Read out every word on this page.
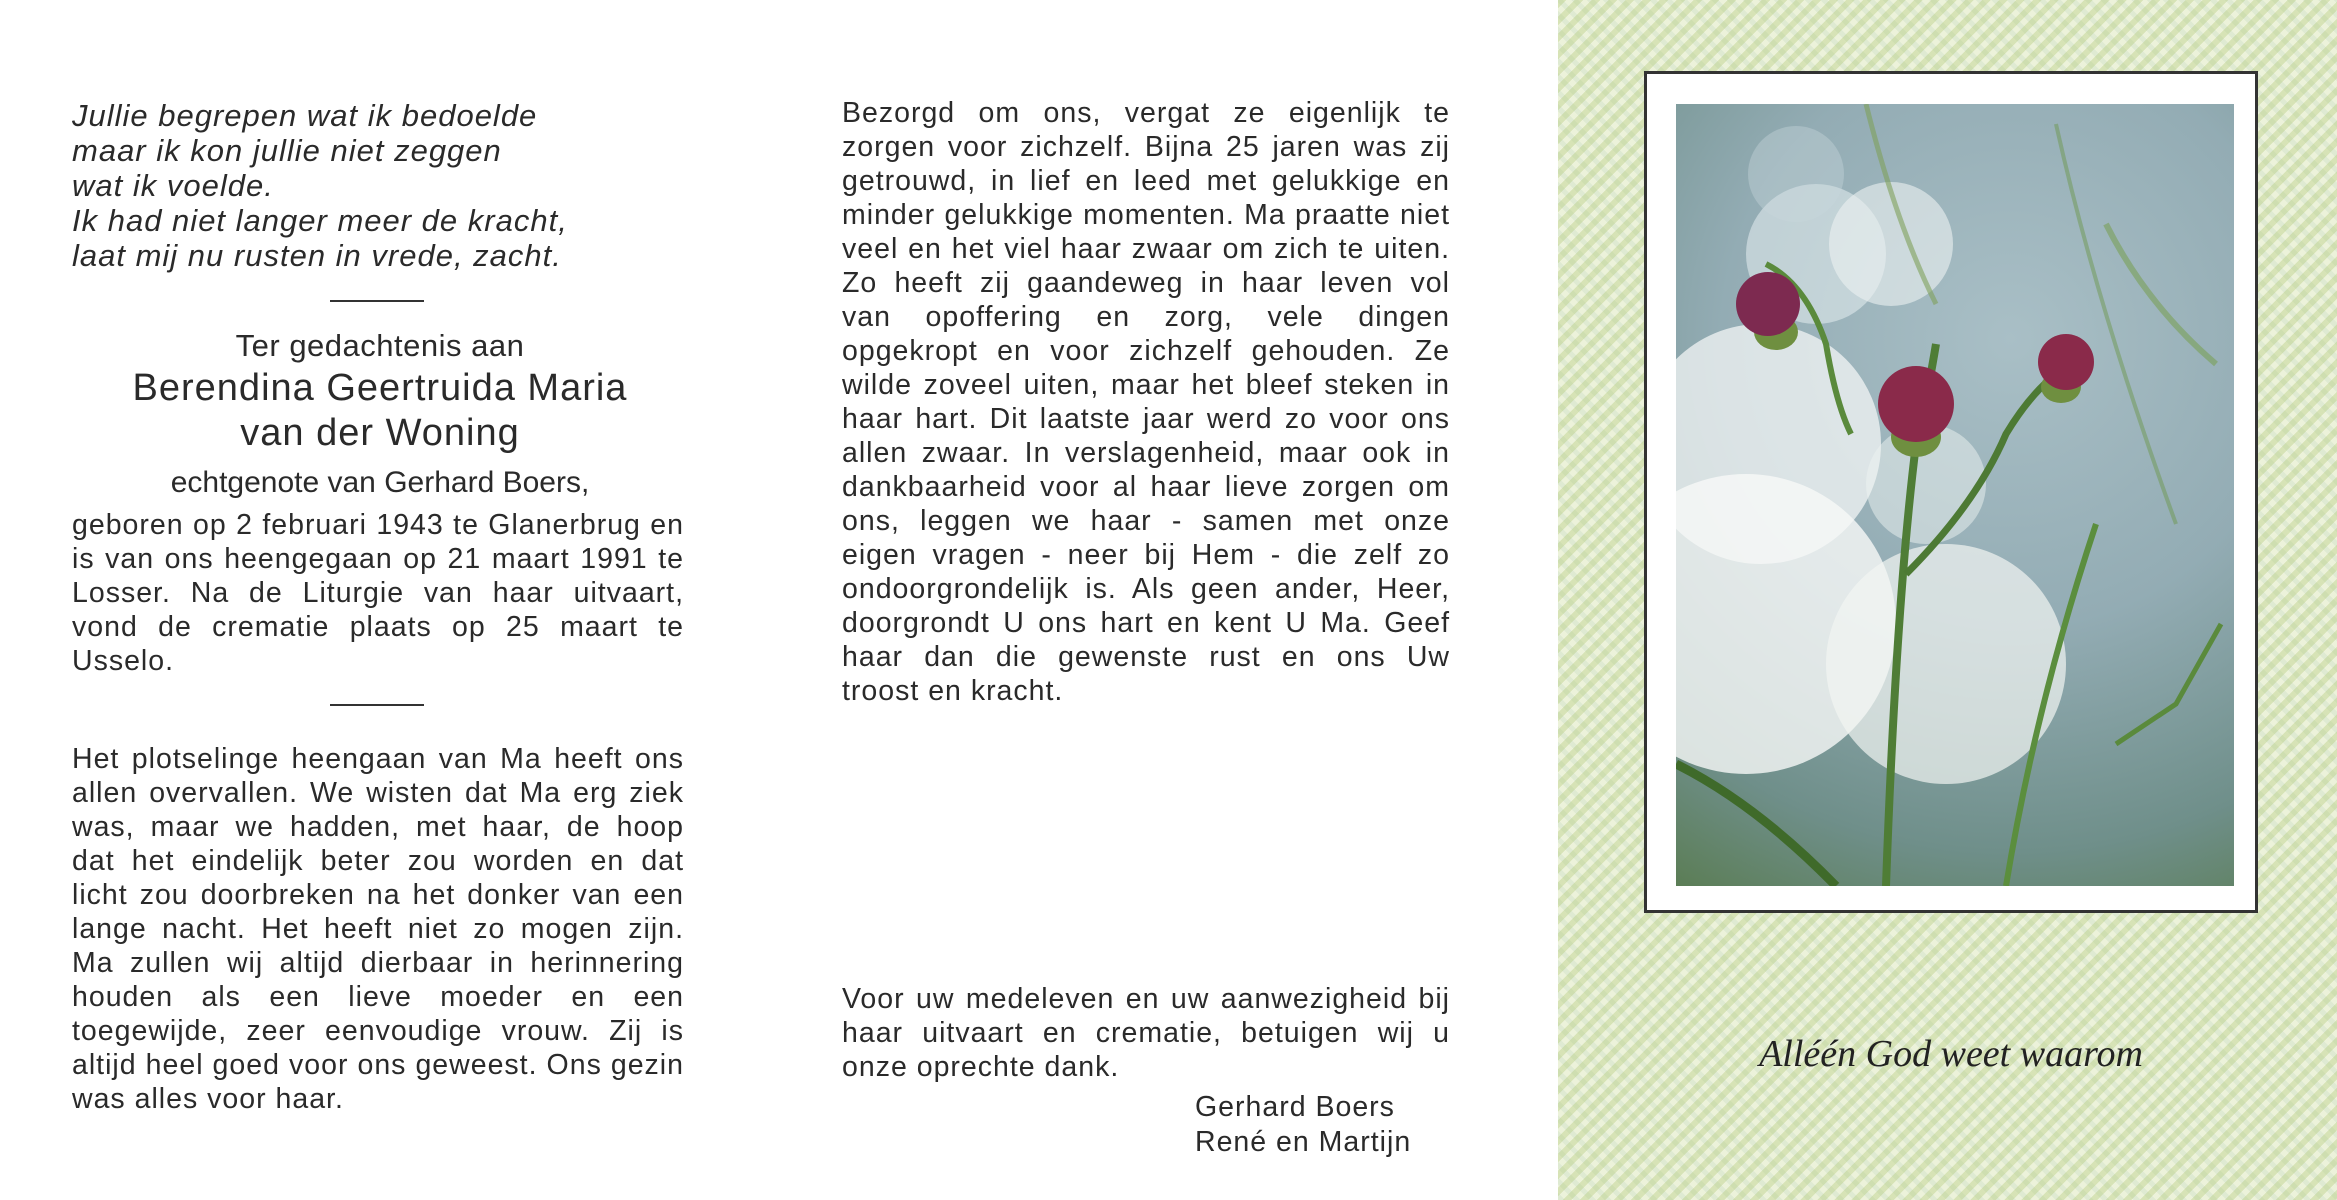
Jullie begrepen wat ik bedoelde
maar ik kon jullie niet zeggen
wat ik voelde.
Ik had niet langer meer de kracht,
laat mij nu rusten in vrede, zacht.
Ter gedachtenis aan
Berendina Geertruida Maria
van der Woning
echtgenote van Gerhard Boers,
geboren op 2 februari 1943 te Glanerbrug en is van ons heengegaan op 21 maart 1991 te Losser. Na de Liturgie van haar uitvaart, vond de crematie plaats op 25 maart te Usselo.
Het plotselinge heengaan van Ma heeft ons allen overvallen. We wisten dat Ma erg ziek was, maar we hadden, met haar, de hoop dat het eindelijk beter zou worden en dat licht zou doorbreken na het donker van een lange nacht. Het heeft niet zo mogen zijn. Ma zullen wij altijd dierbaar in herinnering houden als een lieve moeder en een toegewijde, zeer eenvoudige vrouw. Zij is altijd heel goed voor ons geweest. Ons gezin was alles voor haar.
Bezorgd om ons, vergat ze eigenlijk te zorgen voor zichzelf. Bijna 25 jaren was zij getrouwd, in lief en leed met gelukkige en minder gelukkige momenten. Ma praatte niet veel en het viel haar zwaar om zich te uiten. Zo heeft zij gaandeweg in haar leven vol van opoffering en zorg, vele dingen opgekropt en voor zichzelf gehouden. Ze wilde zoveel uiten, maar het bleef steken in haar hart. Dit laatste jaar werd zo voor ons allen zwaar. In verslagenheid, maar ook in dankbaarheid voor al haar lieve zorgen om ons, leggen we haar - samen met onze eigen vragen - neer bij Hem - die zelf zo ondoorgrondelijk is. Als geen ander, Heer, doorgrondt U ons hart en kent U Ma. Geef haar dan die gewenste rust en ons Uw troost en kracht.
Voor uw medeleven en uw aanwezigheid bij haar uitvaart en crematie, betuigen wij u onze oprechte dank.
Gerhard Boers
René en Martijn
Alléén God weet waarom
